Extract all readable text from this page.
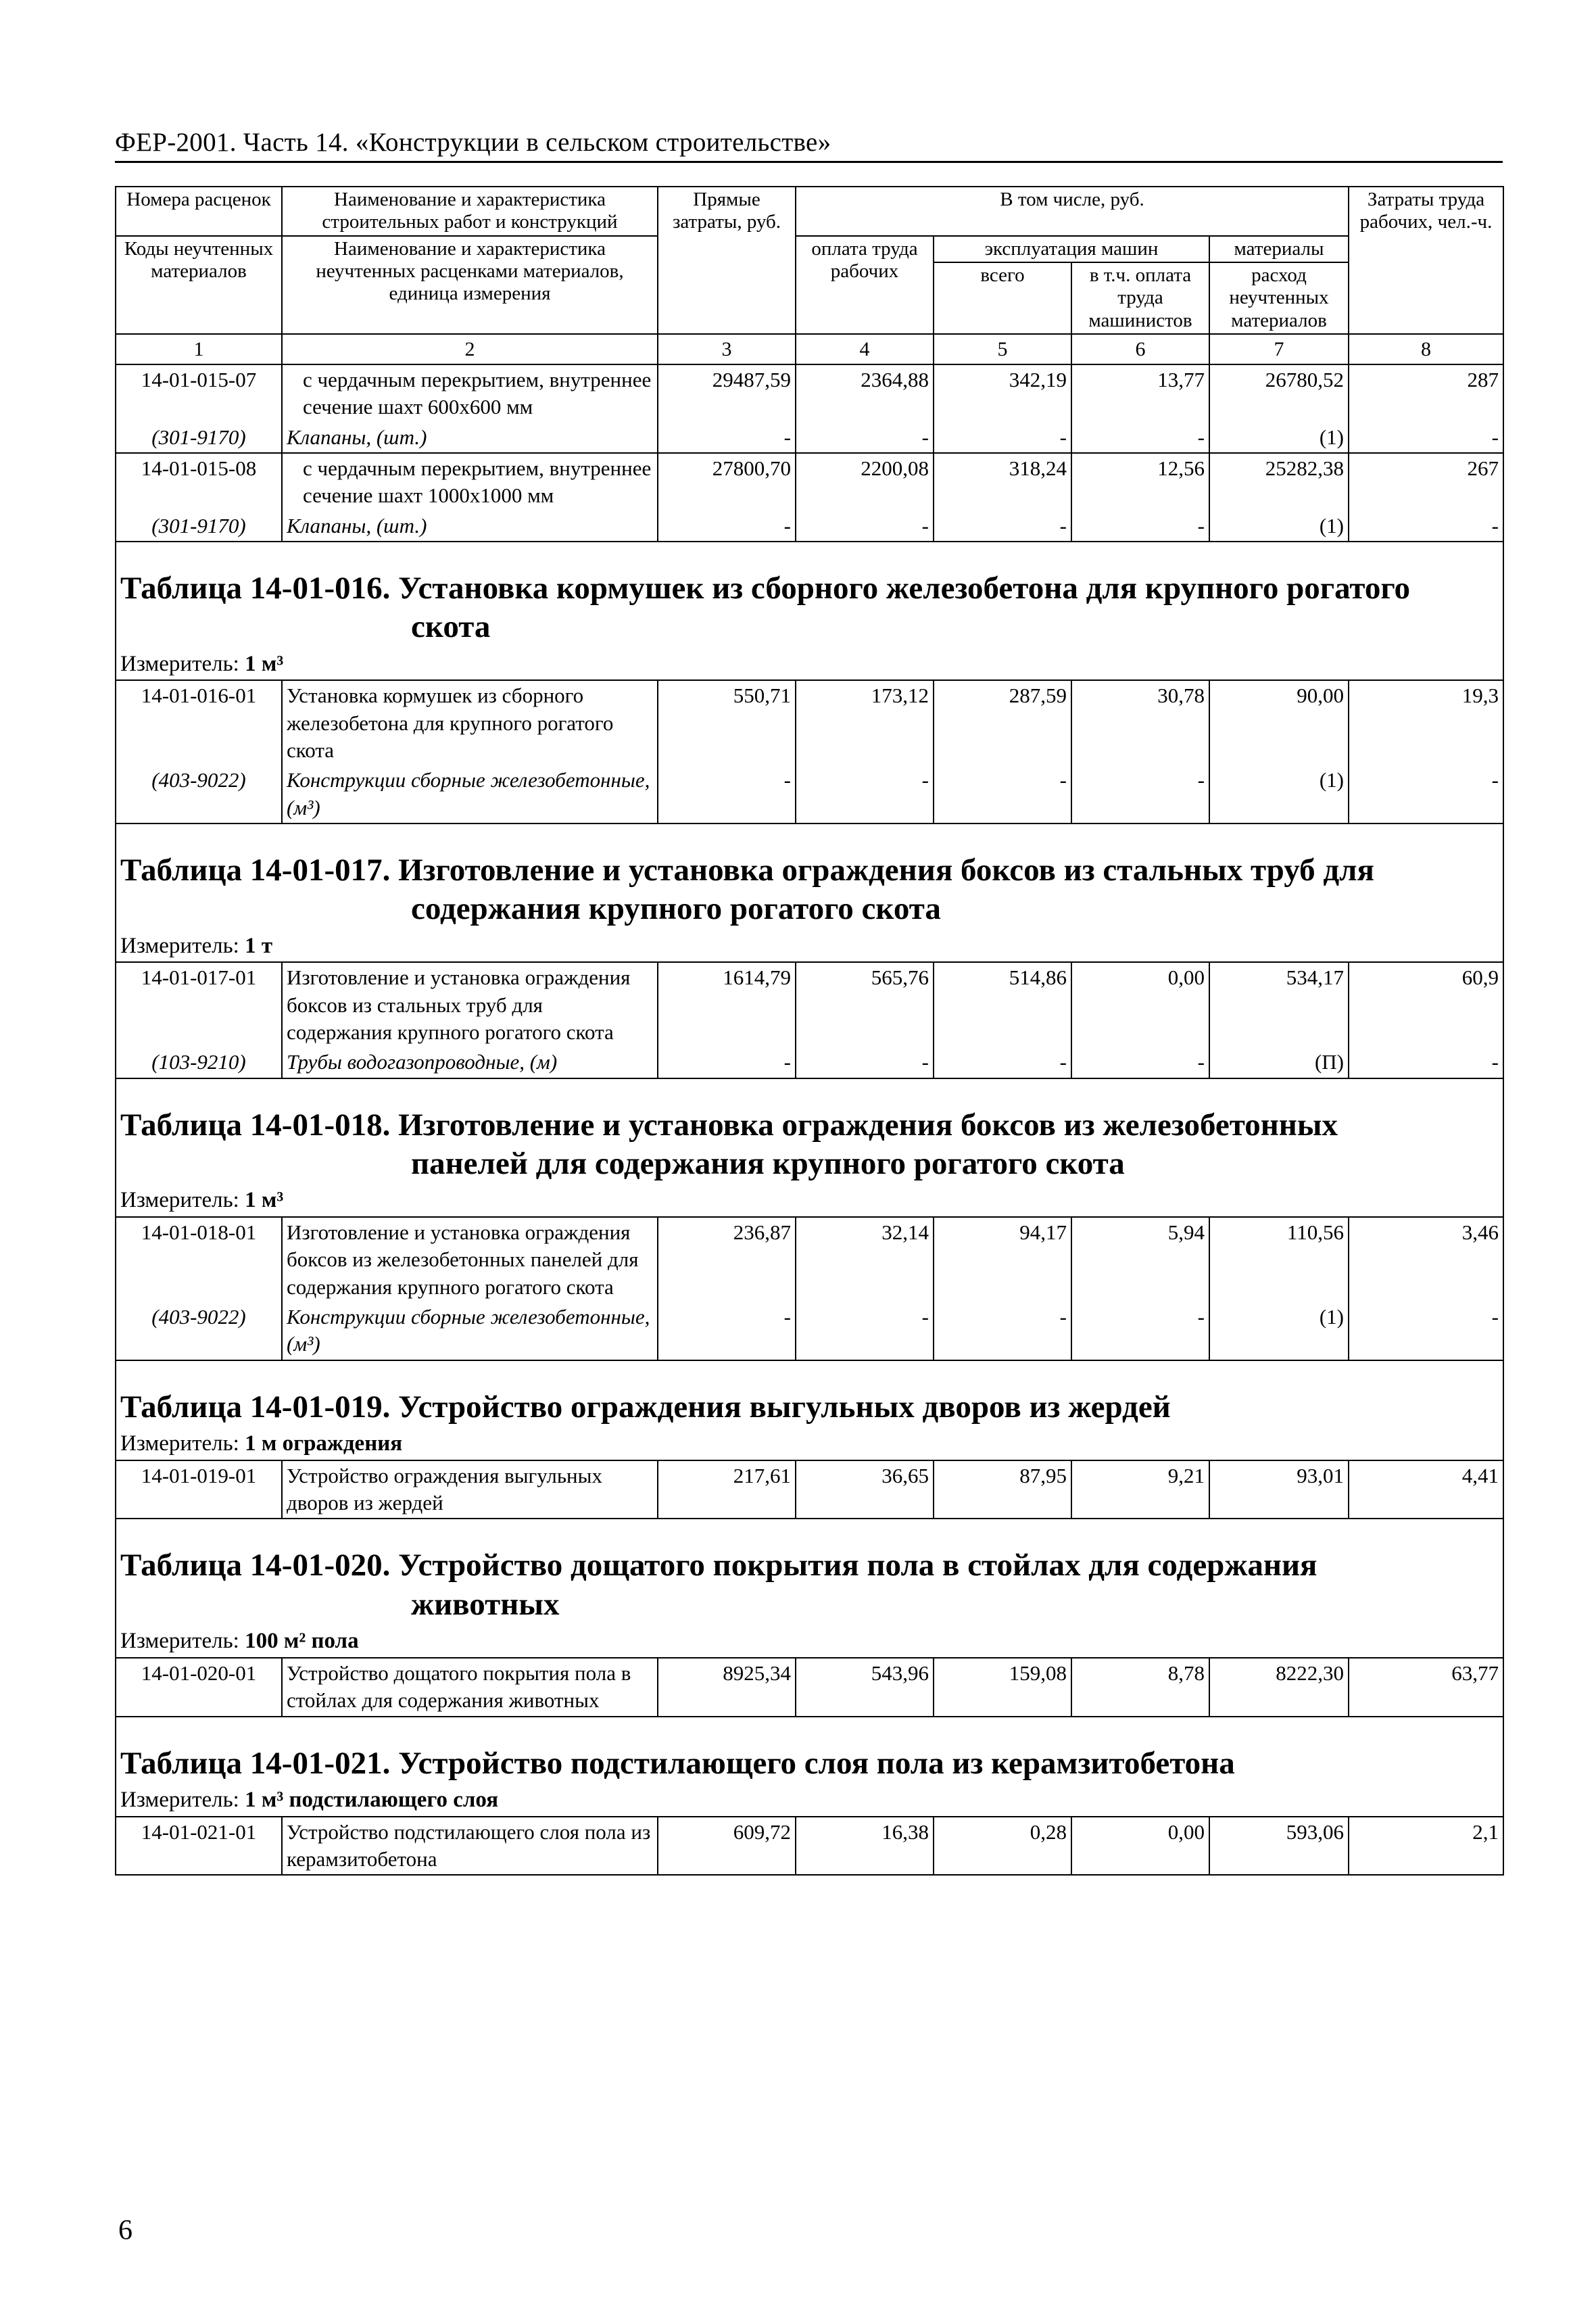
ФЕР-2001. Часть 14. «Конструкции в сельском строительстве»
Номера расценок	Наименование и характеристика строительных работ и конструкций	Прямые затраты, руб.	В том числе, руб.				Затраты труда рабочих, чел.-ч.
Коды неучтенных материалов	Наименование и характеристика неучтенных расценками материалов, единица измерения		оплата труда рабочих	эксплуатация машин		материалы	
				всего	в т.ч. оплата труда машинистов	расход неучтенных материалов	
1	2	3	4	5	6	7	8
14-01-015-07	с чердачным перекрытием, внутреннее сечение шахт 600х600 мм	29487,59	2364,88	342,19	13,77	26780,52	287
(301-9170)	Клапаны, (шт.)	-	-	-	-	(1)	-
14-01-015-08	с чердачным перекрытием, внутреннее сечение шахт 1000х1000 мм	27800,70	2200,08	318,24	12,56	25282,38	267
(301-9170)	Клапаны, (шт.)	-	-	-	-	(1)	-

Таблица 14-01-016. Установка кормушек из сборного железобетона для крупного рогатого
скота							

Измеритель: 1 м³							
14-01-016-01	Установка кормушек из сборного железобетона для крупного рогатого скота	550,71	173,12	287,59	30,78	90,00	19,3
(403-9022)	Конструкции сборные железобетонные, (м³)	-	-	-	-	(1)	-

Таблица 14-01-017. Изготовление и установка ограждения боксов из стальных труб для
содержания крупного рогатого скота							

Измеритель: 1 т							
14-01-017-01	Изготовление и установка ограждения боксов из стальных труб для содержания крупного рогатого скота	1614,79	565,76	514,86	0,00	534,17	60,9
(103-9210)	Трубы водогазопроводные, (м)	-	-	-	-	(П)	-

Таблица 14-01-018. Изготовление и установка ограждения боксов из железобетонных
панелей для содержания крупного рогатого скота							

Измеритель: 1 м³							
14-01-018-01	Изготовление и установка ограждения боксов из железобетонных панелей для содержания крупного рогатого скота	236,87	32,14	94,17	5,94	110,56	3,46
(403-9022)	Конструкции сборные железобетонные, (м³)	-	-	-	-	(1)	-

Таблица 14-01-019. Устройство ограждения выгульных дворов из жердей							

Измеритель: 1 м ограждения							
14-01-019-01	Устройство ограждения выгульных дворов из жердей	217,61	36,65	87,95	9,21	93,01	4,41

Таблица 14-01-020. Устройство дощатого покрытия пола в стойлах для содержания
животных							

Измеритель: 100 м² пола							
14-01-020-01	Устройство дощатого покрытия пола в стойлах для содержания животных	8925,34	543,96	159,08	8,78	8222,30	63,77

Таблица 14-01-021. Устройство подстилающего слоя пола из керамзитобетона							

Измеритель: 1 м³ подстилающего слоя							
14-01-021-01	Устройство подстилающего слоя пола из керамзитобетона	609,72	16,38	0,28	0,00	593,06	2,1
6
